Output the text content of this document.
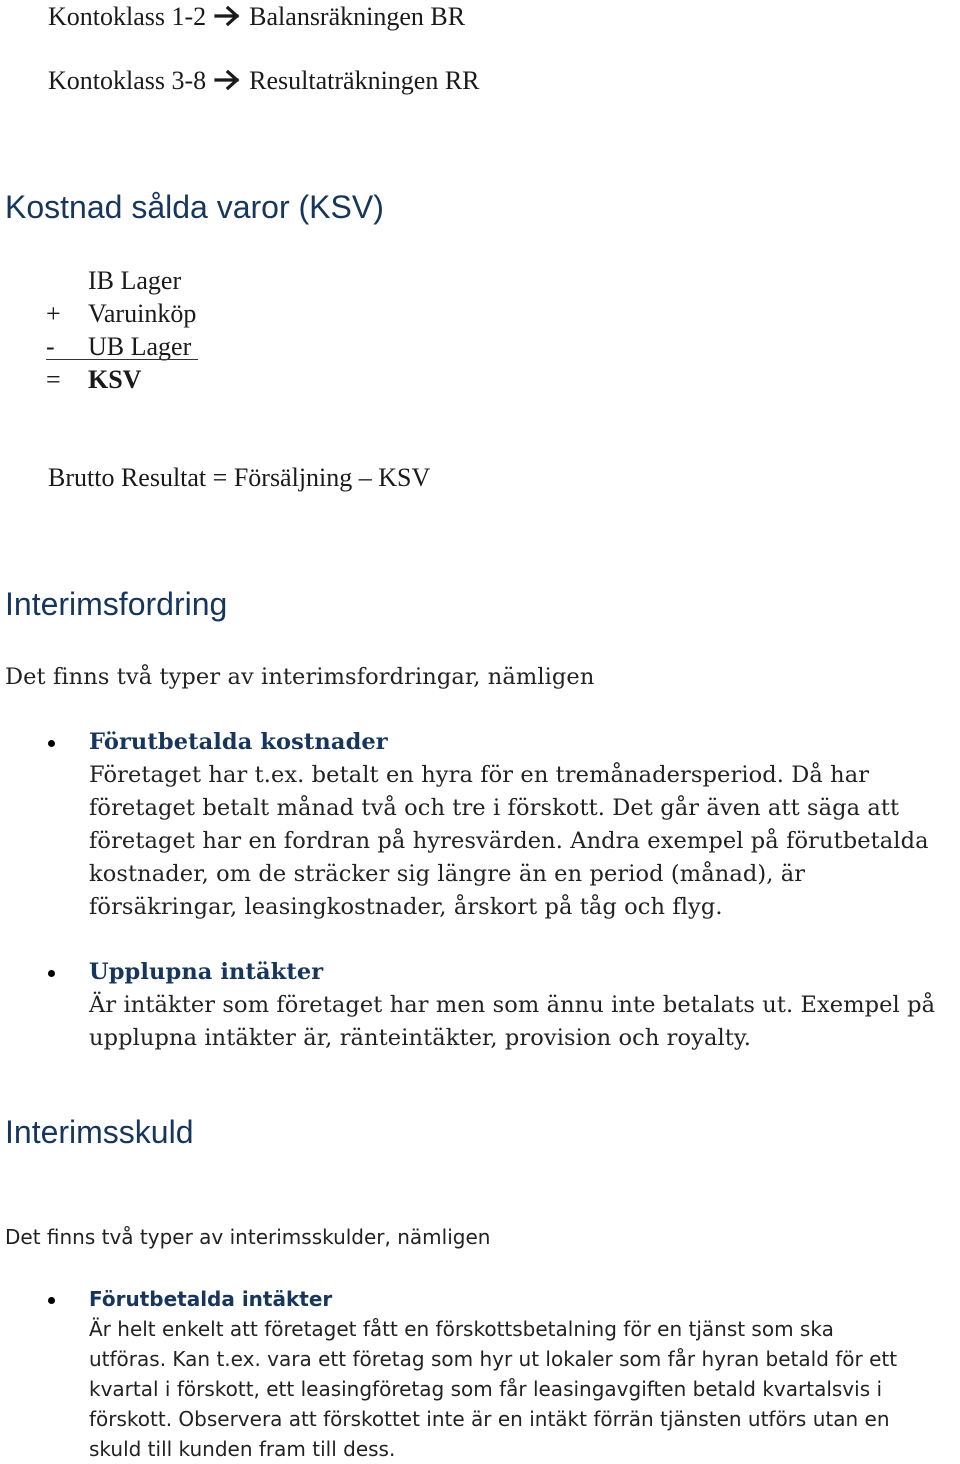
Kontoklass 1-2 Balansräkningen BR
Kontoklass 3-8 Resultaträkningen RR
Kostnad sålda varor (KSV)
IB Lager
+ Varuinköp
- UB Lager
= KSV
Brutto Resultat = Försäljning – KSV
Interimsfordring
Det finns två typer av interimsfordringar, nämligen
Förutbetalda kostnader
Företaget har t.ex. betalt en hyra för en tremånadersperiod. Då har
företaget betalt månad två och tre i förskott. Det går även att säga att
företaget har en fordran på hyresvärden. Andra exempel på förutbetalda
kostnader, om de sträcker sig längre än en period (månad), är
försäkringar, leasingkostnader, årskort på tåg och flyg.
Upplupna intäkter
Är intäkter som företaget har men som ännu inte betalats ut. Exempel på
upplupna intäkter är, ränteintäkter, provision och royalty.
Interimsskuld
Det finns två typer av interimsskulder, nämligen
Förutbetalda intäkter
Är helt enkelt att företaget fått en förskottsbetalning för en tjänst som ska
utföras. Kan t.ex. vara ett företag som hyr ut lokaler som får hyran betald för ett
kvartal i förskott, ett leasingföretag som får leasingavgiften betald kvartalsvis i
förskott. Observera att förskottet inte är en intäkt förrän tjänsten utförs utan en
skuld till kunden fram till dess.
